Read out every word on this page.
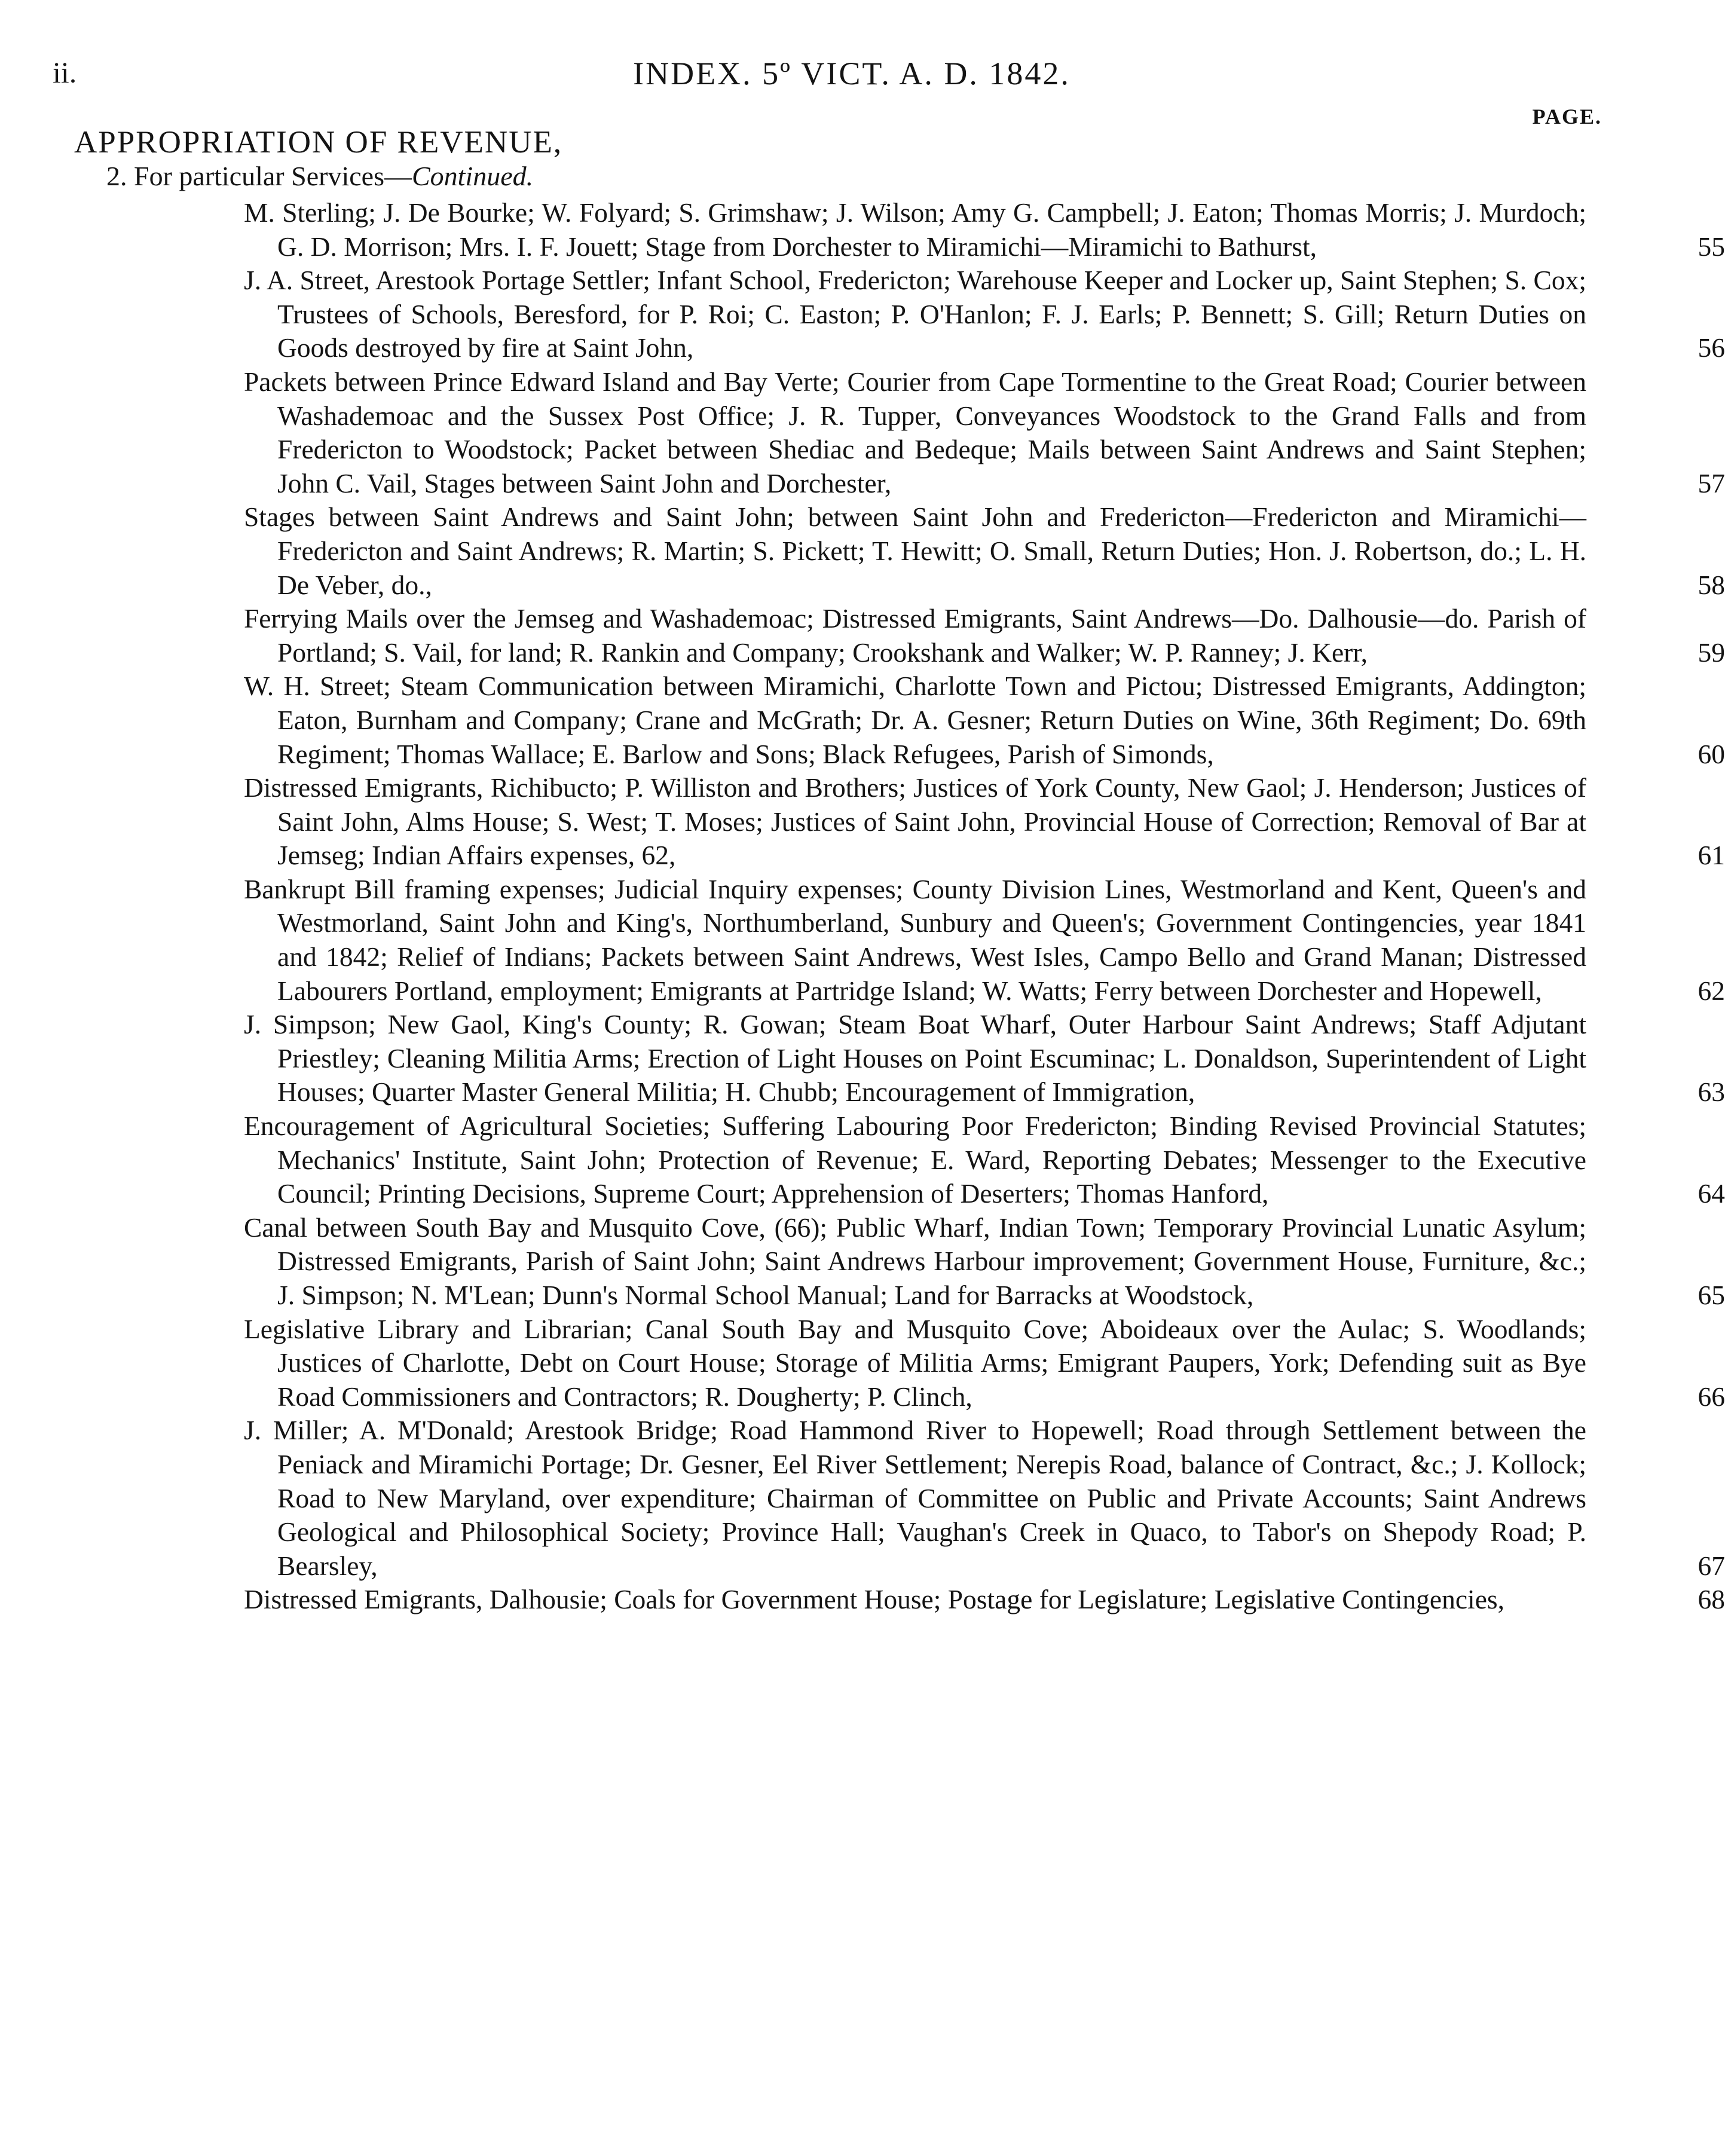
ii.	INDEX. 5º VICT. A. D. 1842.
PAGE.
APPROPRIATION OF REVENUE,
2. For particular Services—Continued.
M. Sterling; J. De Bourke; W. Folyard; S. Grimshaw; J. Wilson; Amy G. Campbell; J. Eaton; Thomas Morris; J. Murdoch; G. D. Morrison; Mrs. I. F. Jouett; Stage from Dorchester to Miramichi—Miramichi to Bathurst,	55
J. A. Street, Arestook Portage Settler; Infant School, Fredericton; Warehouse Keeper and Locker up, Saint Stephen; S. Cox; Trustees of Schools, Beresford, for P. Roi; C. Easton; P. O'Hanlon; F. J. Earls; P. Bennett; S. Gill; Return Duties on Goods destroyed by fire at Saint John,	56
Packets between Prince Edward Island and Bay Verte; Courier from Cape Tormentine to the Great Road; Courier between Washademoac and the Sussex Post Office; J. R. Tupper, Conveyances Woodstock to the Grand Falls and from Fredericton to Woodstock; Packet between Shediac and Bedeque; Mails between Saint Andrews and Saint Stephen; John C. Vail, Stages between Saint John and Dorchester,	57
Stages between Saint Andrews and Saint John; between Saint John and Fredericton—Fredericton and Miramichi—Fredericton and Saint Andrews; R. Martin; S. Pickett; T. Hewitt; O. Small, Return Duties; Hon. J. Robertson, do.; L. H. De Veber, do.,	58
Ferrying Mails over the Jemseg and Washademoac; Distressed Emigrants, Saint Andrews—Do. Dalhousie—do. Parish of Portland; S. Vail, for land; R. Rankin and Company; Crookshank and Walker; W. P. Ranney; J. Kerr,	59
W. H. Street; Steam Communication between Miramichi, Charlotte Town and Pictou; Distressed Emigrants, Addington; Eaton, Burnham and Company; Crane and McGrath; Dr. A. Gesner; Return Duties on Wine, 36th Regiment; Do. 69th Regiment; Thomas Wallace; E. Barlow and Sons; Black Refugees, Parish of Simonds,	60
Distressed Emigrants, Richibucto; P. Williston and Brothers; Justices of York County, New Gaol; J. Henderson; Justices of Saint John, Alms House; S. West; T. Moses; Justices of Saint John, Provincial House of Correction; Removal of Bar at Jemseg; Indian Affairs expenses, 62,	61
Bankrupt Bill framing expenses; Judicial Inquiry expenses; County Division Lines, Westmorland and Kent, Queen's and Westmorland, Saint John and King's, Northumberland, Sunbury and Queen's; Government Contingencies, year 1841 and 1842; Relief of Indians; Packets between Saint Andrews, West Isles, Campo Bello and Grand Manan; Distressed Labourers Portland, employment; Emigrants at Partridge Island; W. Watts; Ferry between Dorchester and Hopewell,	62
J. Simpson; New Gaol, King's County; R. Gowan; Steam Boat Wharf, Outer Harbour Saint Andrews; Staff Adjutant Priestley; Cleaning Militia Arms; Erection of Light Houses on Point Escuminac; L. Donaldson, Superintendent of Light Houses; Quarter Master General Militia; H. Chubb; Encouragement of Immigration,	63
Encouragement of Agricultural Societies; Suffering Labouring Poor Fredericton; Binding Revised Provincial Statutes; Mechanics' Institute, Saint John; Protection of Revenue; E. Ward, Reporting Debates; Messenger to the Executive Council; Printing Decisions, Supreme Court; Apprehension of Deserters; Thomas Hanford,	64
Canal between South Bay and Musquito Cove, (66); Public Wharf, Indian Town; Temporary Provincial Lunatic Asylum; Distressed Emigrants, Parish of Saint John; Saint Andrews Harbour improvement; Government House, Furniture, &c.; J. Simpson; N. M'Lean; Dunn's Normal School Manual; Land for Barracks at Woodstock,	65
Legislative Library and Librarian; Canal South Bay and Musquito Cove; Aboideaux over the Aulac; S. Woodlands; Justices of Charlotte, Debt on Court House; Storage of Militia Arms; Emigrant Paupers, York; Defending suit as Bye Road Commissioners and Contractors; R. Dougherty; P. Clinch,	66
J. Miller; A. M'Donald; Arestook Bridge; Road Hammond River to Hopewell; Road through Settlement between the Peniack and Miramichi Portage; Dr. Gesner, Eel River Settlement; Nerepis Road, balance of Contract, &c.; J. Kollock; Road to New Maryland, over expenditure; Chairman of Committee on Public and Private Accounts; Saint Andrews Geological and Philosophical Society; Province Hall; Vaughan's Creek in Quaco, to Tabor's on Shepody Road; P. Bearsley,	67
Distressed Emigrants, Dalhousie; Coals for Government House; Postage for Legislature; Legislative Contingencies,	68
